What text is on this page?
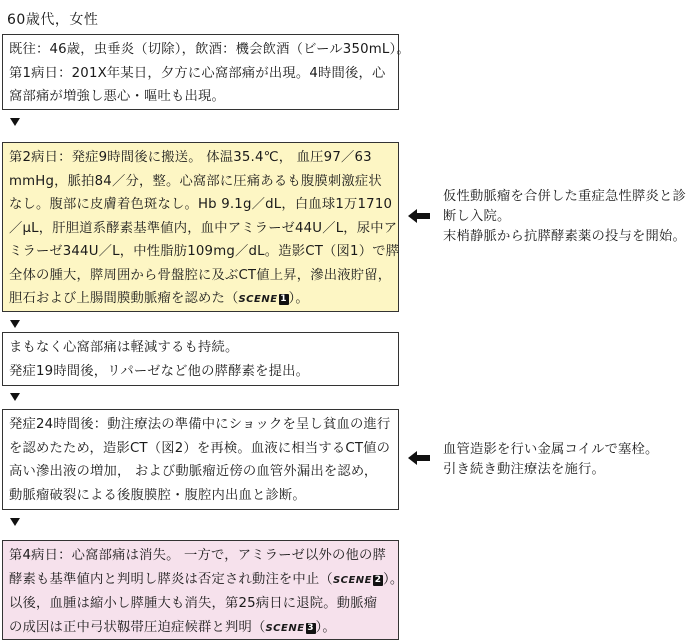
60歳代，女性
既往：46歳，虫垂炎（切除），飲酒：機会飲酒（ビール350mL）。
第1病日：201X年某日，夕方に心窩部痛が出現。4時間後，心
窩部痛が増強し悪心・嘔吐も出現。
第2病日：発症9時間後に搬送。 体温35.4℃， 血圧97／63
mmHg，脈拍84／分，整。心窩部に圧痛あるも腹膜刺激症状
なし。腹部に皮膚着色斑なし。Hb 9.1g／dL，白血球1万1710
／μL，肝胆道系酵素基準値内，血中アミラーゼ44U／L，尿中ア
ミラーゼ344U／L，中性脂肪109mg／dL。造影CT（図1）で膵
全体の腫大，膵周囲から骨盤腔に及ぶCT値上昇，滲出液貯留，
胆石および上腸間膜動脈瘤を認めた（SCENE 1 ）。
仮性動脈瘤を合併した重症急性膵炎と診
断し入院。
末梢静脈から抗膵酵素薬の投与を開始。
まもなく心窩部痛は軽減するも持続。
発症19時間後，リパーゼなど他の膵酵素を提出。
発症24時間後：動注療法の準備中にショックを呈し貧血の進行
を認めたため，造影CT（図2）を再検。血液に相当するCT値の
高い滲出液の増加， および動脈瘤近傍の血管外漏出を認め，
動脈瘤破裂による後腹膜腔・腹腔内出血と診断。
血管造影を行い金属コイルで塞栓。
引き続き動注療法を施行。
第4病日：心窩部痛は消失。 一方で，アミラーゼ以外の他の膵
酵素も基準値内と判明し膵炎は否定され動注を中止（SCENE 2 ）。
以後，血腫は縮小し膵腫大も消失，第25病日に退院。動脈瘤
の成因は正中弓状靱帯圧迫症候群と判明（SCENE 3 ）。
